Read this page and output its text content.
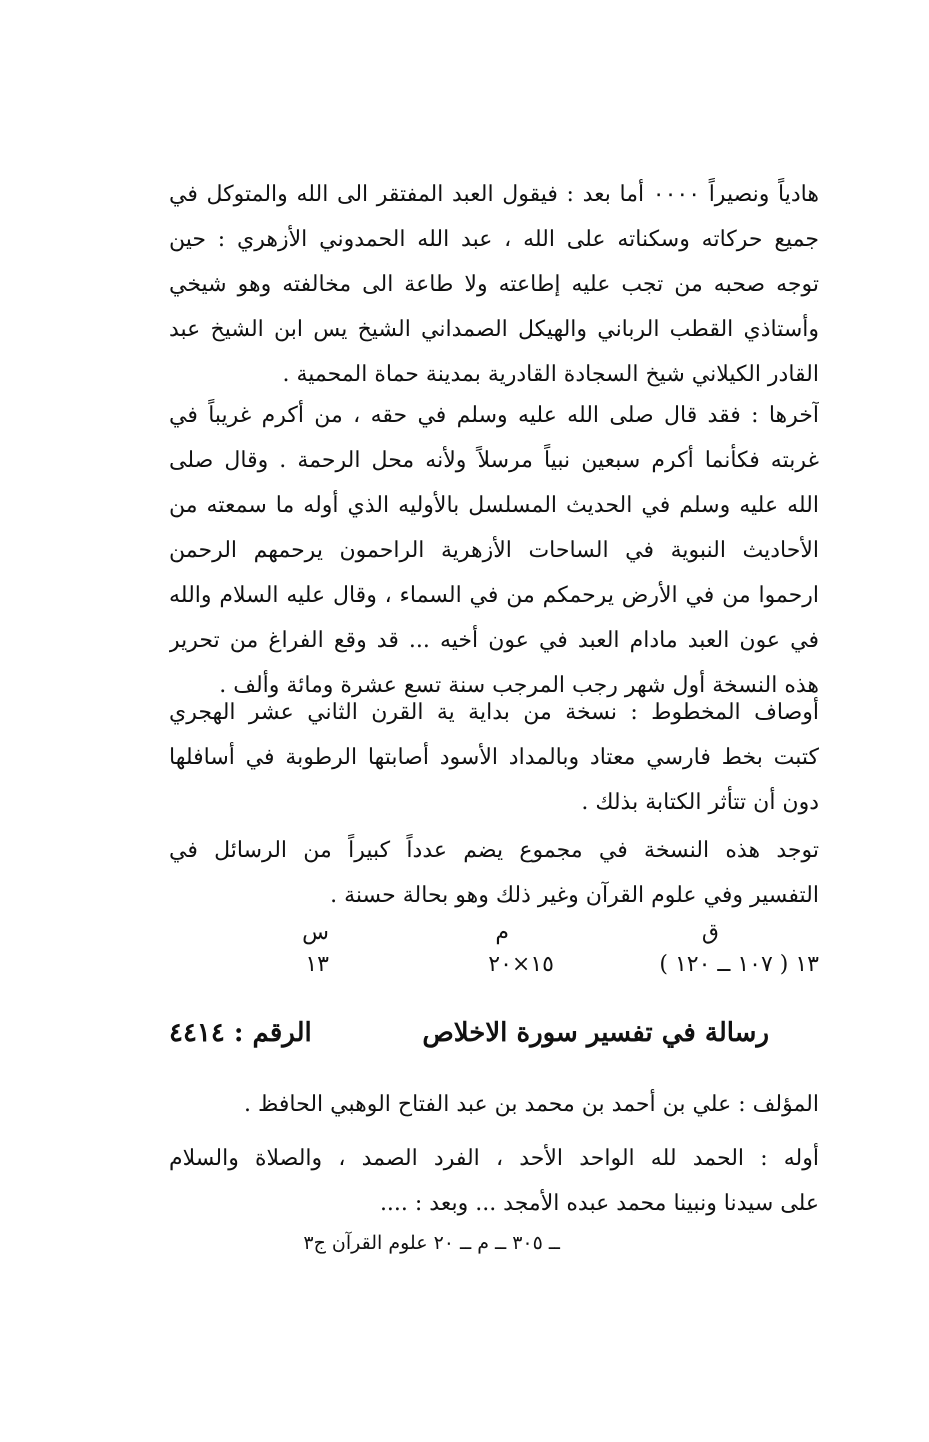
هادياً ونصيراً ٠٠٠٠ أما بعد : فيقول العبد المفتقر الى الله والمتوكل في
جميع حركاته وسكناته على الله ، عبد الله الحمدوني الأزهري : حين
توجه صحبه من تجب عليه إطاعته ولا طاعة الى مخالفته وهو شيخي
وأستاذي القطب الرباني والهيكل الصمداني الشيخ يس ابن الشيخ عبد
القادر الكيلاني شيخ السجادة القادرية بمدينة حماة المحمية .
آخرها : فقد قال صلى الله عليه وسلم في حقه ، من أكرم غريباً في
غربته فكأنما أكرم سبعين نبياً مرسلاً ولأنه محل الرحمة . وقال صلى
الله عليه وسلم في الحديث المسلسل بالأوليه الذي أوله ما سمعته من
الأحاديث النبوية في الساحات الأزهرية الراحمون يرحمهم الرحمن
ارحموا من في الأرض يرحمكم من في السماء ، وقال عليه السلام والله
في عون العبد مادام العبد في عون أخيه ... قد وقع الفراغ من تحرير
هذه النسخة أول شهر رجب المرجب سنة تسع عشرة ومائة وألف .
أوصاف المخطوط : نسخة من بداية ية القرن الثاني عشر الهجري
كتبت بخط فارسي معتاد وبالمداد الأسود أصابتها الرطوبة في أسافلها
دون أن تتأثر الكتابة بذلك .
توجد هذه النسخة في مجموع يضم عدداً كبيراً من الرسائل في
التفسير وفي علوم القرآن وغير ذلك وهو بحالة حسنة .
ق
م
س
١٣ ( ١٠٧ ــ ١٢٠ )
١٥×٢٠
١٣
رسالة في تفسير سورة الاخلاص
الرقم : ٤٤١٤
المؤلف : علي بن أحمد بن محمد بن عبد الفتاح الوهبي الحافظ .
أوله : الحمد لله الواحد الأحد ، الفرد الصمد ، والصلاة والسلام
على سيدنا ونبينا محمد عبده الأمجد ... وبعد : ....
ــ ٣٠٥ ــ م ــ ٢٠ علوم القرآن ج٣
